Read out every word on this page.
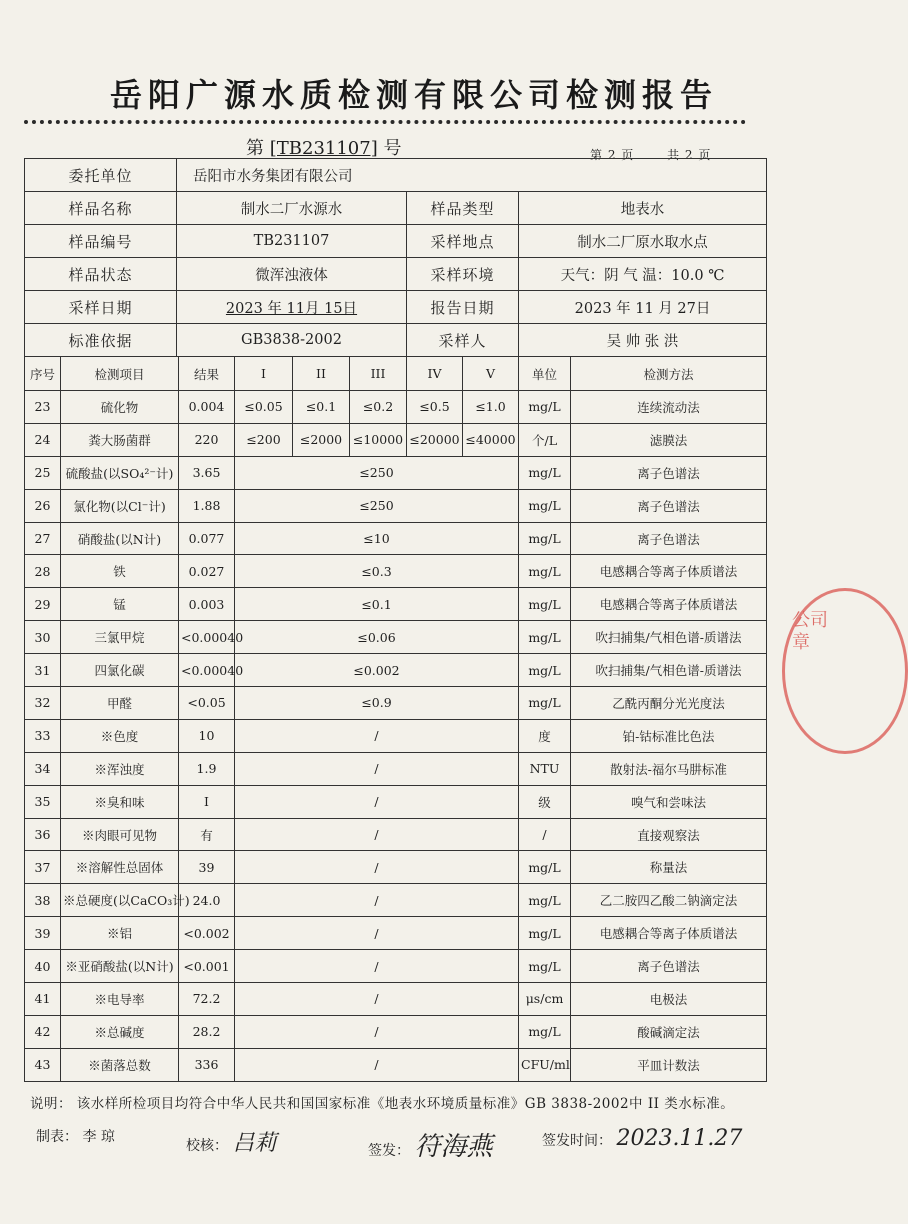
岳阳广源水质检测有限公司检测报告
第 [TB231107] 号	第 2 页	共 2 页
委托单位	岳阳市水务集团有限公司		
样品名称	制水二厂水源水	样品类型	地表水
样品编号	TB231107	采样地点	制水二厂原水取水点
样品状态	微浑浊液体	采样环境	天气：阴 气 温：10.0 ℃
采样日期	2023 年 11月 15日	报告日期	2023 年 11 月 27日
标准依据	GB3838-2002	采样人	吴 帅 张 洪
序号	检测项目	结果	I	II	III	IV	V	单位	检测方法
23	硫化物	0.004	≤0.05	≤0.1	≤0.2	≤0.5	≤1.0	mg/L	连续流动法
24	粪大肠菌群	220	≤200	≤2000	≤10000	≤20000	≤40000	个/L	滤膜法
25	硫酸盐(以SO₄²⁻计)	3.65	≤250					mg/L	离子色谱法
26	氯化物(以Cl⁻计)	1.88	≤250					mg/L	离子色谱法
27	硝酸盐(以N计)	0.077	≤10					mg/L	离子色谱法
28	铁	0.027	≤0.3					mg/L	电感耦合等离子体质谱法
29	锰	0.003	≤0.1					mg/L	电感耦合等离子体质谱法
30	三氯甲烷	<0.00040	≤0.06					mg/L	吹扫捕集/气相色谱-质谱法
31	四氯化碳	<0.00040	≤0.002					mg/L	吹扫捕集/气相色谱-质谱法
32	甲醛	<0.05	≤0.9					mg/L	乙酰丙酮分光光度法
33	※色度	10	/					度	铂-钴标准比色法
34	※浑浊度	1.9	/					NTU	散射法-福尔马肼标准
35	※臭和味	I	/					级	嗅气和尝味法
36	※肉眼可见物	有	/					/	直接观察法
37	※溶解性总固体	39	/					mg/L	称量法
38	※总硬度(以CaCO₃计)	24.0	/					mg/L	乙二胺四乙酸二钠滴定法
39	※铝	<0.002	/					mg/L	电感耦合等离子体质谱法
40	※亚硝酸盐(以N计)	<0.001	/					mg/L	离子色谱法
41	※电导率	72.2	/					μs/cm	电极法
42	※总碱度	28.2	/					mg/L	酸碱滴定法
43	※菌落总数	336	/					CFU/ml	平皿计数法
说明： 该水样所检项目均符合中华人民共和国国家标准《地表水环境质量标准》GB 3838-2002中 II 类水标准。
制表： 李 琼
校核： 吕莉	签发： 符海燕	签发时间： 2023.11.27
公司章
